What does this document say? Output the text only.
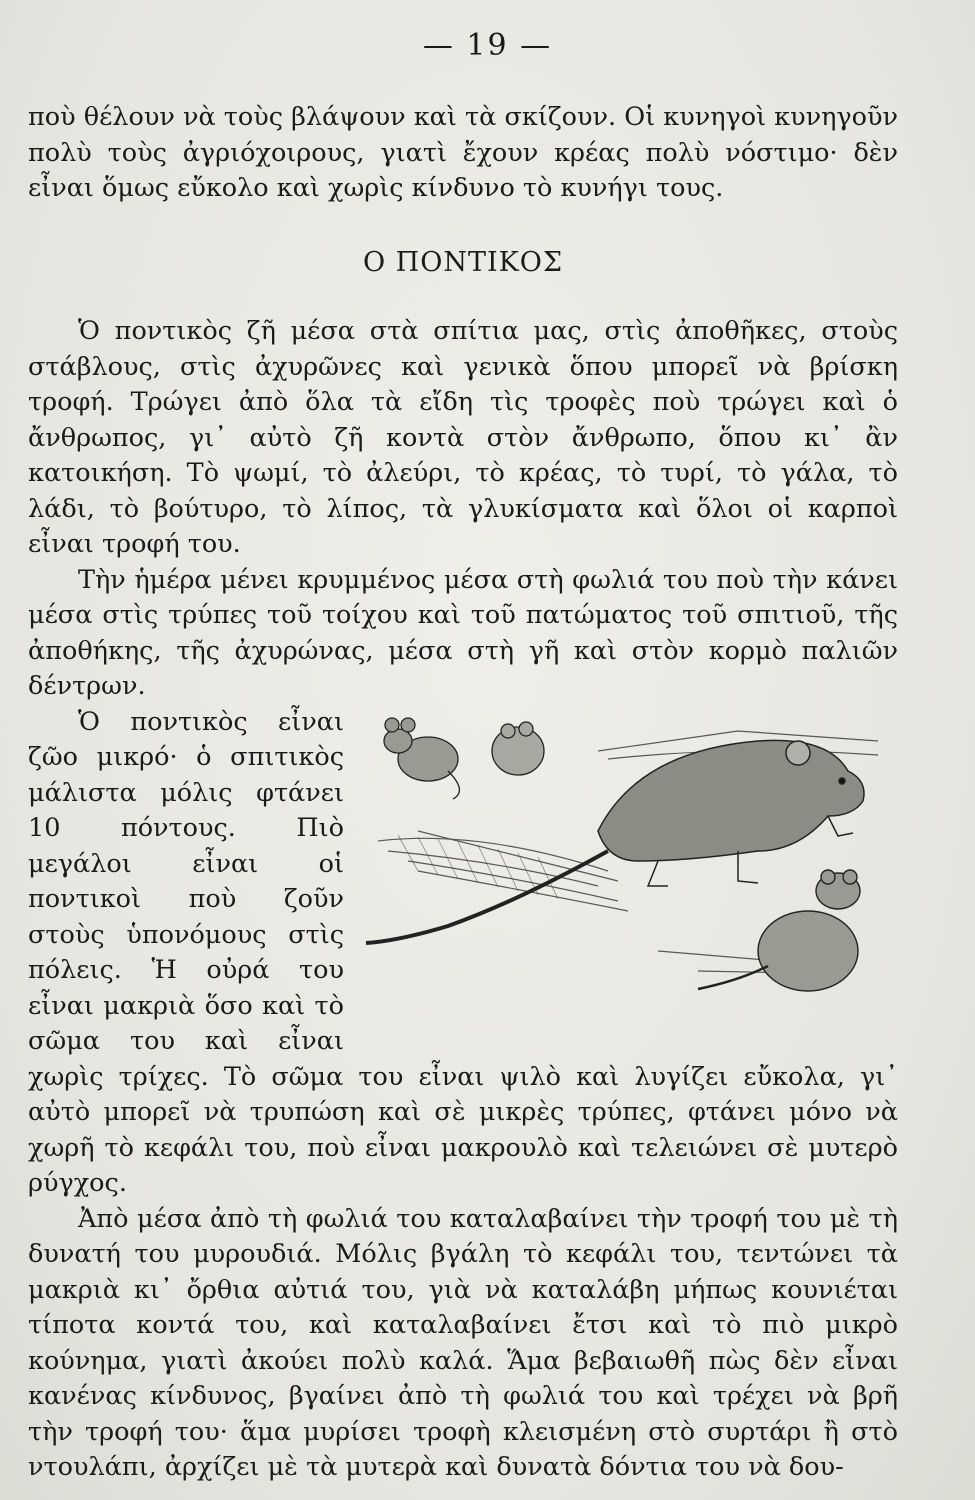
— 19 —

ποὺ θέλουν νὰ τοὺς βλάψουν καὶ τὰ σκίζουν. Οἱ κυνηγοὶ κυνηγοῦν πολὺ τοὺς ἀγριόχοιρους, γιατὶ ἔχουν κρέας πολὺ νόστιμο· δὲν εἶναι ὅμως εὔκολο καὶ χωρὶς κίνδυνο τὸ κυνήγι τους.

Ο ΠΟΝΤΙΚΟΣ

Ὁ ποντικὸς ζῆ μέσα στὰ σπίτια μας, στὶς ἀποθῆκες, στοὺς στάβλους, στὶς ἀχυρῶνες καὶ γενικὰ ὅπου μπορεῖ νὰ βρίσκη τροφή. Τρώγει ἀπὸ ὅλα τὰ εἴδη τὶς τροφὲς ποὺ τρώγει καὶ ὁ ἄνθρωπος, γι᾿ αὐτὸ ζῆ κοντὰ στὸν ἄνθρωπο, ὅπου κι᾿ ἂν κατοικήση. Τὸ ψωμί, τὸ ἀλεύρι, τὸ κρέας, τὸ τυρί, τὸ γάλα, τὸ λάδι, τὸ βούτυρο, τὸ λίπος, τὰ γλυκίσματα καὶ ὅλοι οἱ καρποὶ εἶναι τροφή του.

Τὴν ἡμέρα μένει κρυμμένος μέσα στὴ φωλιά του ποὺ τὴν κάνει μέσα στὶς τρύπες τοῦ τοίχου καὶ τοῦ πατώματος τοῦ σπιτιοῦ, τῆς ἀποθήκης, τῆς ἀχυρώνας, μέσα στὴ γῆ καὶ στὸν κορμὸ παλιῶν δέντρων.

Ὁ ποντικὸς εἶναι ζῶο μικρό· ὁ σπιτικὸς μάλιστα μόλις φτάνει 10 πόντους. Πιὸ μεγάλοι εἶναι οἱ ποντικοὶ ποὺ ζοῦν στοὺς ὑπονόμους στὶς πόλεις. Ἡ οὐρά του εἶναι μακριὰ ὅσο καὶ τὸ σῶμα του καὶ εἶναι χωρὶς τρίχες. Τὸ σῶμα του εἶναι ψιλὸ καὶ λυγίζει εὔκολα, γι᾿ αὐτὸ μπορεῖ νὰ τρυπώση καὶ σὲ μικρὲς τρύπες, φτάνει μόνο νὰ χωρῆ τὸ κεφάλι του, ποὺ εἶναι μακρουλὸ καὶ τελειώνει σὲ μυτερὸ ρύγχος.

Ἀπὸ μέσα ἀπὸ τὴ φωλιά του καταλαβαίνει τὴν τροφή του μὲ τὴ δυνατή του μυρουδιά. Μόλις βγάλη τὸ κεφάλι του, τεντώνει τὰ μακριὰ κι᾿ ὄρθια αὐτιά του, γιὰ νὰ καταλάβη μήπως κουνιέται τίποτα κοντά του, καὶ καταλαβαίνει ἔτσι καὶ τὸ πιὸ μικρὸ κούνημα, γιατὶ ἀκούει πολὺ καλά. Ἅμα βεβαιωθῆ πὼς δὲν εἶναι κανένας κίνδυνος, βγαίνει ἀπὸ τὴ φωλιά του καὶ τρέχει νὰ βρῆ τὴν τροφή του· ἅμα μυρίσει τροφὴ κλεισμένη στὸ συρτάρι ἢ στὸ ντουλάπι, ἀρχίζει μὲ τὰ μυτερὰ καὶ δυνατὰ δόντια του νὰ δου-
